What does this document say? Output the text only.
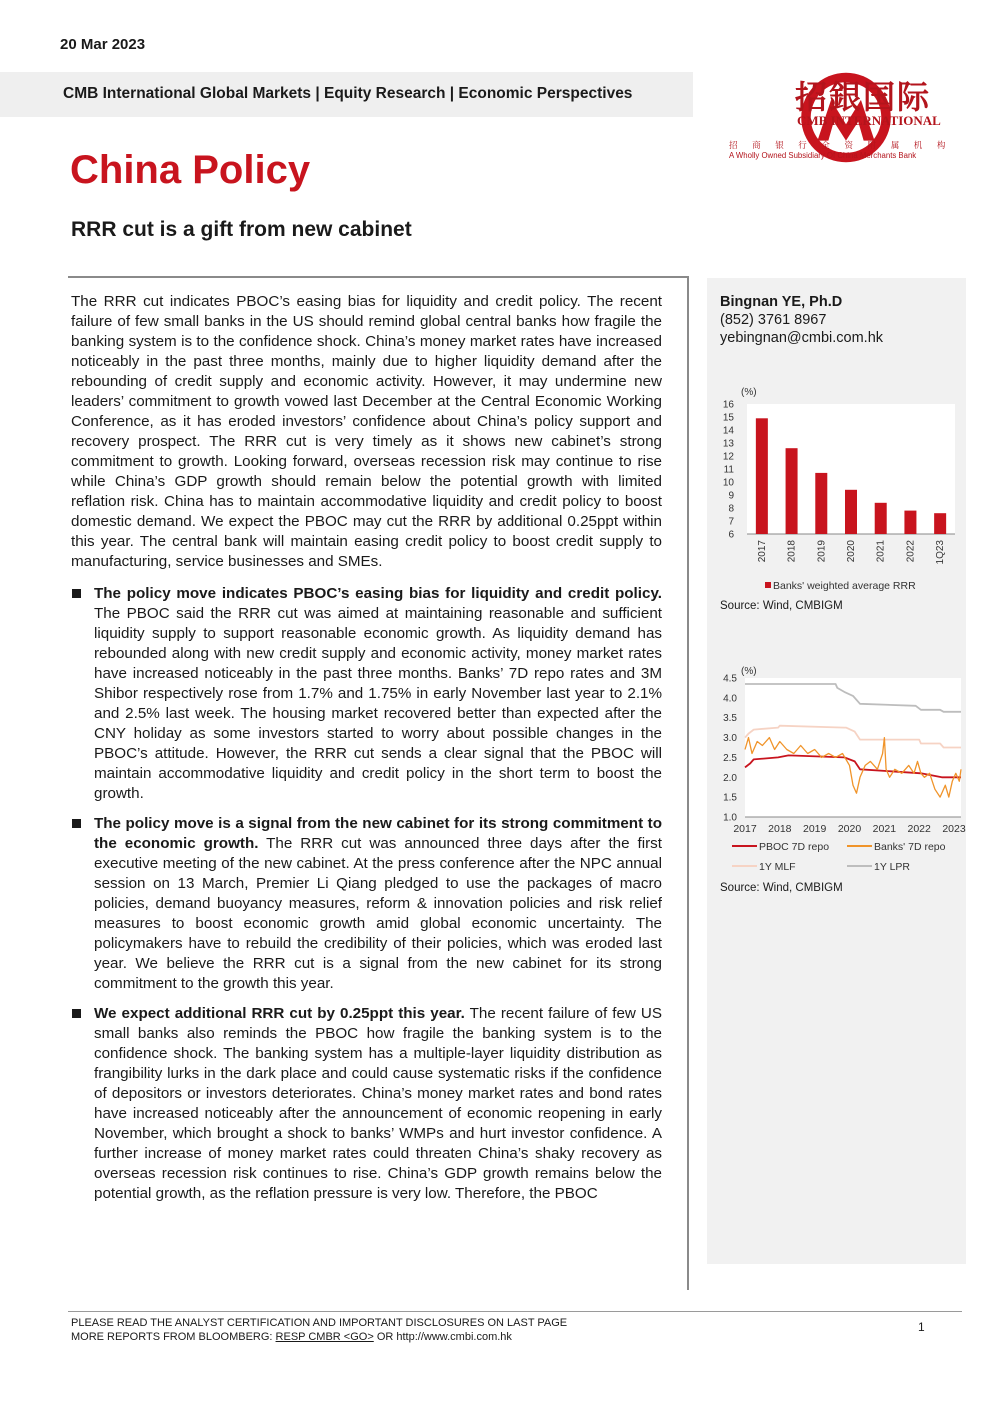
20 Mar 2023
CMB International Global Markets | Equity Research | Economic Perspectives	招銀国际
CMB INTERNATIONAL
招商银行全资附属机构
A Wholly Owned Subsidiary Of China Merchants Bank
China Policy
RRR cut is a gift from new cabinet

The RRR cut indicates PBOC’s easing bias for liquidity and credit policy. The recent failure of few small banks in the US should remind global central banks how fragile the banking system is to the confidence shock. China’s money market rates have increased noticeably in the past three months, mainly due to higher liquidity demand after the rebounding of credit supply and economic activity. However, it may undermine new leaders’ commitment to growth vowed last December at the Central Economic Working Conference, as it has eroded investors’ confidence about China’s policy support and recovery prospect. The RRR cut is very timely as it shows new cabinet’s strong commitment to growth. Looking forward, overseas recession risk may continue to rise while China’s GDP growth should remain below the potential growth with limited reflation risk. China has to maintain accommodative liquidity and credit policy to boost domestic demand. We expect the PBOC may cut the RRR by additional 0.25ppt within this year. The central bank will maintain easing credit policy to boost credit supply to manufacturing, service businesses and SMEs.

The policy move indicates PBOC’s easing bias for liquidity and credit policy. The PBOC said the RRR cut was aimed at maintaining reasonable and sufficient liquidity supply to support reasonable economic growth. As liquidity demand has rebounded along with new credit supply and economic activity, money market rates have increased noticeably in the past three months. Banks’ 7D repo rates and 3M Shibor respectively rose from 1.7% and 1.75% in early November last year to 2.1% and 2.5% last week. The housing market recovered better than expected after the CNY holiday as some investors started to worry about possible changes in the PBOC’s attitude. However, the RRR cut sends a clear signal that the PBOC will maintain accommodative liquidity and credit policy in the short term to boost the growth.
The policy move is a signal from the new cabinet for its strong commitment to the economic growth. The RRR cut was announced three days after the first executive meeting of the new cabinet. At the press conference after the NPC annual session on 13 March, Premier Li Qiang pledged to use the packages of macro policies, demand buoyancy measures, reform & innovation policies and risk relief measures to boost economic growth amid global economic uncertainty. The policymakers have to rebuild the credibility of their policies, which was eroded last year. We believe the RRR cut is a signal from the new cabinet for its strong commitment to the growth this year.
We expect additional RRR cut by 0.25ppt this year. The recent failure of few US small banks also reminds the PBOC how fragile the banking system is to the confidence shock. The banking system has a multiple-layer liquidity distribution as frangibility lurks in the dark place and could cause systematic risks if the confidence of depositors or investors deteriorates. China’s money market rates and bond rates have increased noticeably after the announcement of economic reopening in early November, which brought a shock to banks’ WMPs and hurt investor confidence. A further increase of money market rates could threaten China’s shaky recovery as overseas recession risk continues to rise. China’s GDP growth remains below the potential growth, as the reflation pressure is very low. Therefore, the PBOC
Bingnan YE, Ph.D
(852) 3761 8967
yebingnan@cmbi.com.hk
(%)
16
15
14
13
12
11
10
9
8
7
6
2017 2018 2019 2020 2021 2022 1Q23
Banks' weighted average RRR
Source: Wind, CMBIGM
(%)
4.5
4.0
3.5
3.0
2.5
2.0
1.5
1.0
2017 2018 2019 2020 2021 2022 2023
PBOC 7D repo	Banks' 7D repo
1Y MLF	1Y LPR
Source: Wind, CMBIGM
PLEASE READ THE ANALYST CERTIFICATION AND IMPORTANT DISCLOSURES ON LAST PAGE
MORE REPORTS FROM BLOOMBERG: RESP CMBR <GO> OR http://www.cmbi.com.hk
1
